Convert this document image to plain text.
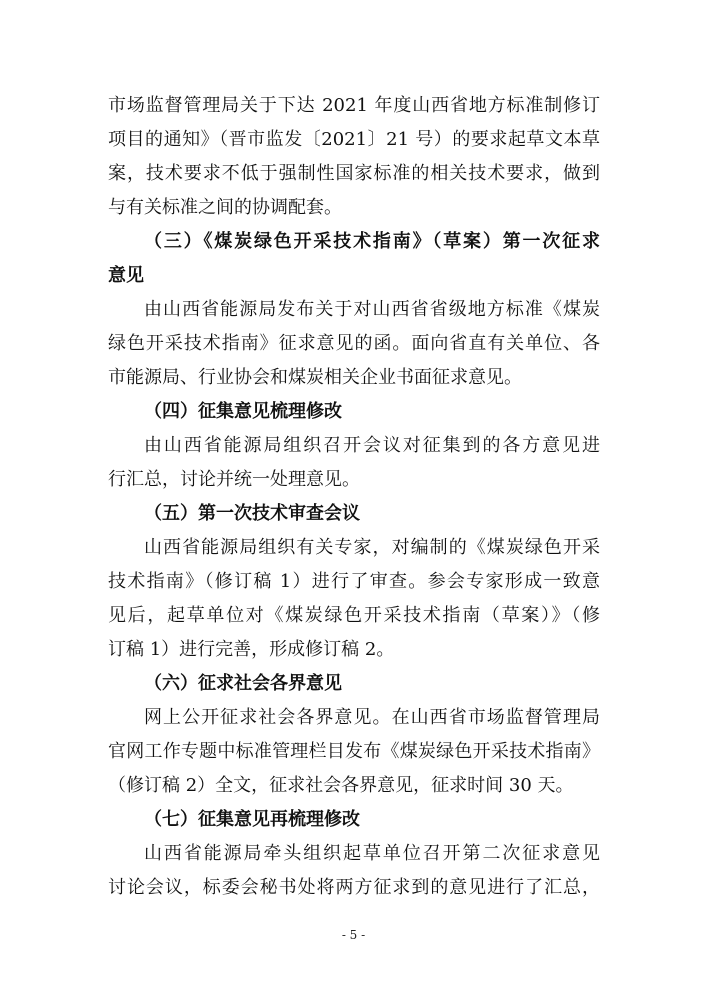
市场监督管理局关于下达 2021 年度山西省地方标准制修订
项目的通知》（晋市监发〔2021〕21 号）的要求起草文本草
案，技术要求不低于强制性国家标准的相关技术要求，做到
与有关标准之间的协调配套。
（三）《煤炭绿色开采技术指南》（草案）第一次征求
意见
由山西省能源局发布关于对山西省省级地方标准《煤炭
绿色开采技术指南》征求意见的函。面向省直有关单位、各
市能源局、行业协会和煤炭相关企业书面征求意见。
（四）征集意见梳理修改
由山西省能源局组织召开会议对征集到的各方意见进
行汇总，讨论并统一处理意见。
（五）第一次技术审查会议
山西省能源局组织有关专家，对编制的《煤炭绿色开采
技术指南》（修订稿 1）进行了审查。参会专家形成一致意
见后，起草单位对《煤炭绿色开采技术指南（草案）》（修
订稿 1）进行完善，形成修订稿 2。
（六）征求社会各界意见
网上公开征求社会各界意见。在山西省市场监督管理局
官网工作专题中标准管理栏目发布《煤炭绿色开采技术指南》
（修订稿 2）全文，征求社会各界意见，征求时间 30 天。
（七）征集意见再梳理修改
山西省能源局牵头组织起草单位召开第二次征求意见
讨论会议，标委会秘书处将两方征求到的意见进行了汇总，
- 5 -
